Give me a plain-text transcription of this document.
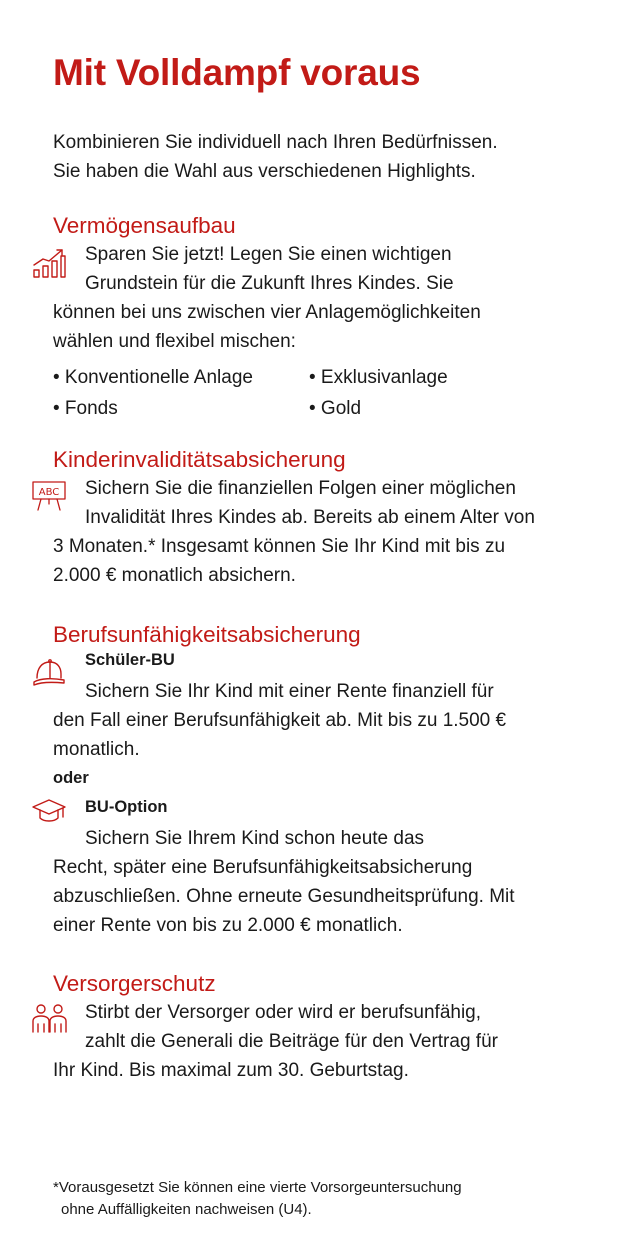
Mit Volldampf voraus

Kombinieren Sie individuell nach Ihren Bedürfnissen.

Sie haben die Wahl aus verschiedenen Highlights.

Vermögensaufbau
Sparen Sie jetzt! Legen Sie einen wichtigen
Grundstein für die Zukunft Ihres Kindes. Sie
können bei uns zwischen vier Anlagemöglichkeiten
wählen und flexibel mischen:
• Konventionelle Anlage	• Exklusivanlage
• Fonds	• Gold
Kinderinvaliditätsabsicherung
ABC	Sichern Sie die finanziellen Folgen einer möglichen
Invalidität Ihres Kindes ab. Bereits ab einem Alter von
3 Monaten.* Insgesamt können Sie Ihr Kind mit bis zu
2.000 € monatlich absichern.
Berufsunfähigkeitsabsicherung
Schüler-BU
Sichern Sie Ihr Kind mit einer Rente finanziell für
den Fall einer Berufsunfähigkeit ab. Mit bis zu 1.500 €
monatlich.
oder
BU-Option
Sichern Sie Ihrem Kind schon heute das
Recht, später eine Berufsunfähigkeitsabsicherung
abzuschließen. Ohne erneute Gesundheitsprüfung. Mit
einer Rente von bis zu 2.000 € monatlich.
Versorgerschutz
Stirbt der Versorger oder wird er berufsunfähig,
zahlt die Generali die Beiträge für den Vertrag für
Ihr Kind. Bis maximal zum 30. Geburtstag.
*Vorausgesetzt Sie können eine vierte Vorsorgeuntersuchung
ohne Auffälligkeiten nachweisen (U4).
